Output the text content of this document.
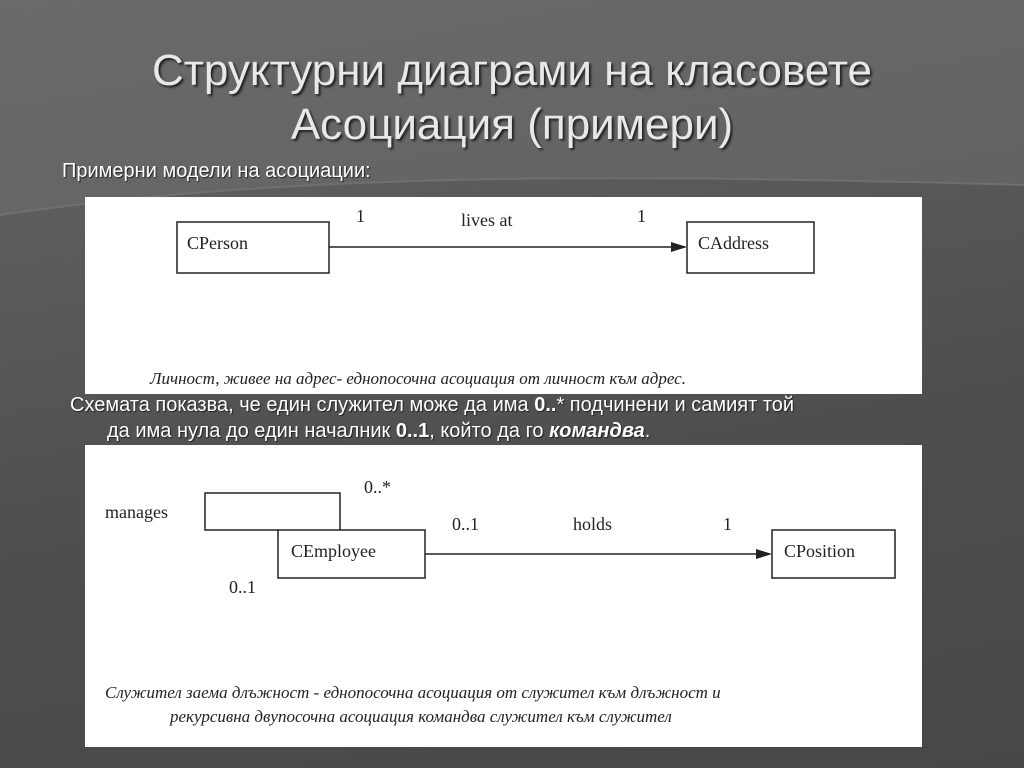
Структурни диаграми на класовете
Асоциация (примери)
Примерни модели на асоциации:
CPerson	CAddress
1	lives at	1
Личност, живее на адрес- еднопосочна асоциация от личност към адрес.
Схемата показва, че един служител може да има 0..* подчинени и самият той
да има нула до един началник 0..1, който да го командва.
CEmployee	CPosition
manages
0..*
0..1
0..1	holds	1
Служител заема длъжност - еднопосочна асоциация от служител към длъжност и
рекурсивна двупосочна асоциация командва служител към служител
